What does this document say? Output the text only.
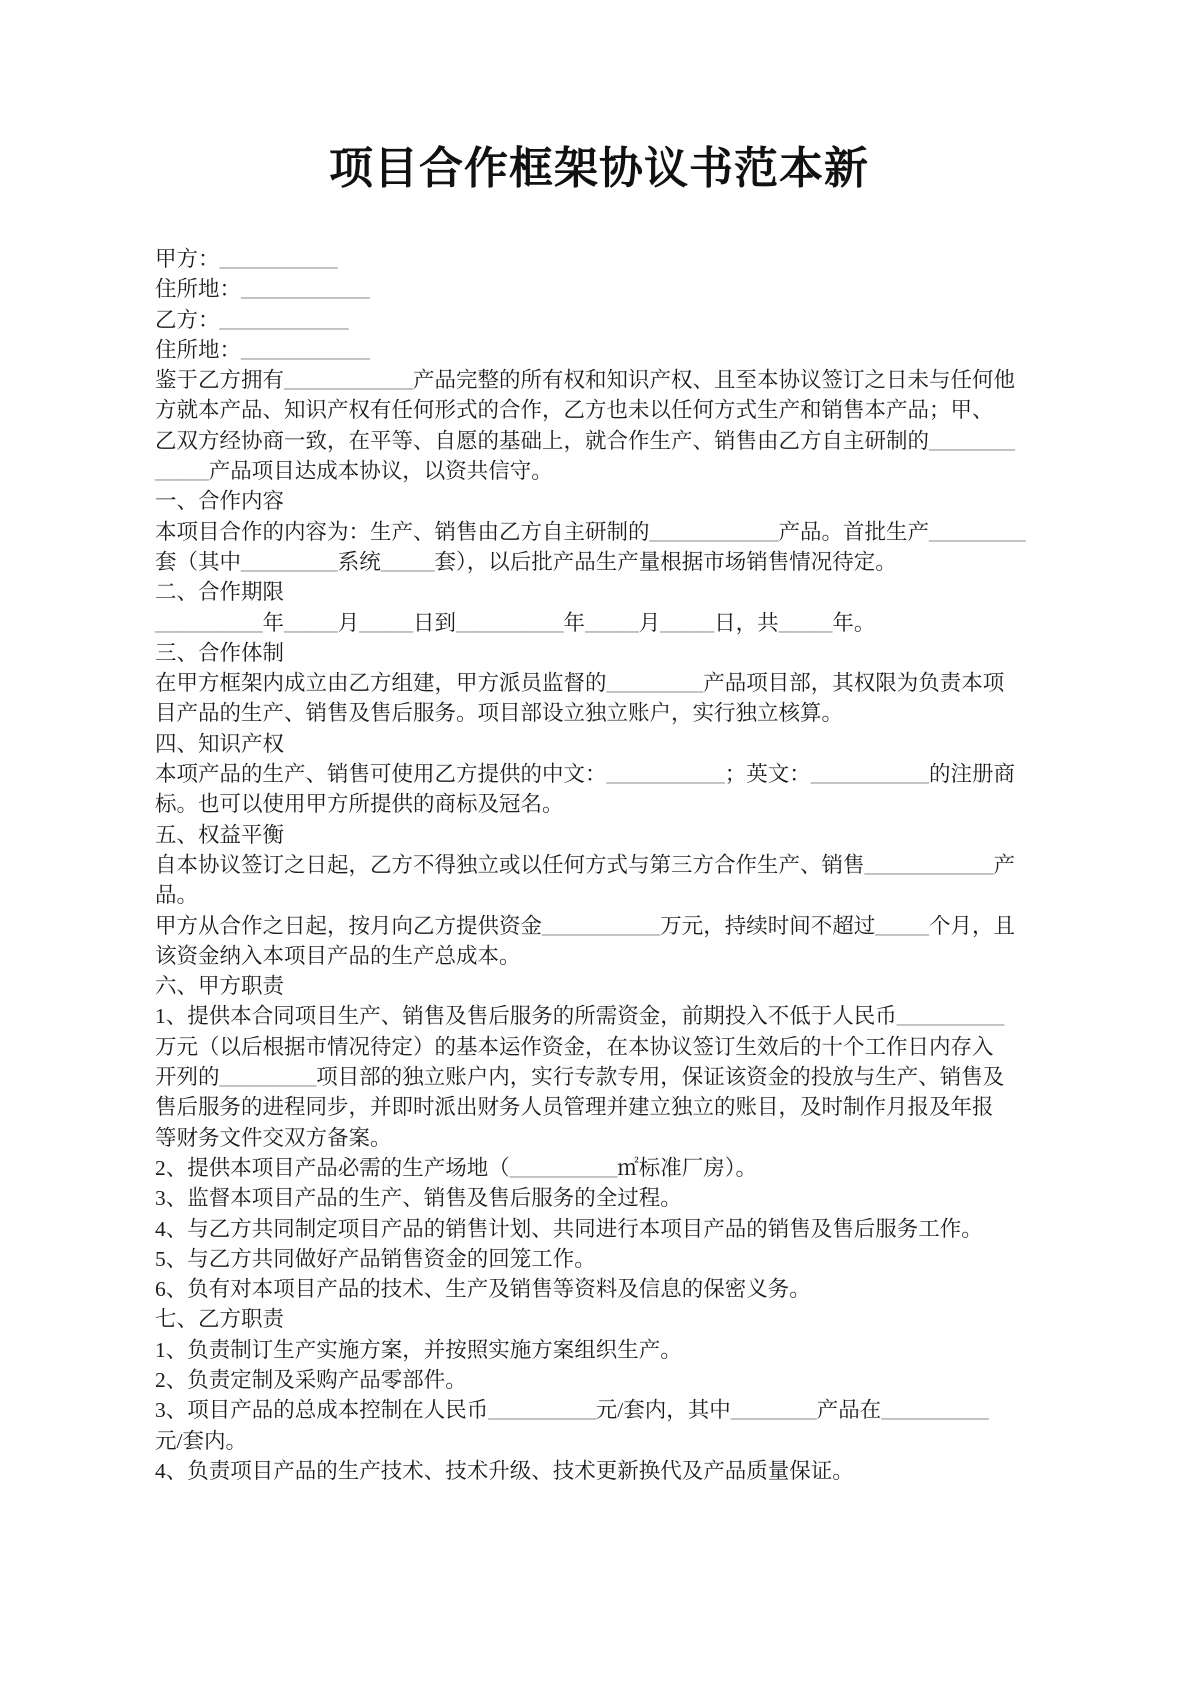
项目合作框架协议书范本新
甲方：___________
住所地：____________
乙方：____________
住所地：____________
鉴于乙方拥有____________产品完整的所有权和知识产权、且至本协议签订之日未与任何他
方就本产品、知识产权有任何形式的合作，乙方也未以任何方式生产和销售本产品；甲、
乙双方经协商一致，在平等、自愿的基础上，就合作生产、销售由乙方自主研制的________
_____产品项目达成本协议，以资共信守。
一、合作内容
本项目合作的内容为：生产、销售由乙方自主研制的____________产品。首批生产_________
套（其中_________系统_____套），以后批产品生产量根据市场销售情况待定。
二、合作期限
__________年_____月_____日到__________年_____月_____日，共_____年。
三、合作体制
在甲方框架内成立由乙方组建，甲方派员监督的_________产品项目部，其权限为负责本项
目产品的生产、销售及售后服务。项目部设立独立账户，实行独立核算。
四、知识产权
本项产品的生产、销售可使用乙方提供的中文：___________；英文：___________的注册商
标。也可以使用甲方所提供的商标及冠名。
五、权益平衡
自本协议签订之日起，乙方不得独立或以任何方式与第三方合作生产、销售____________产
品。
甲方从合作之日起，按月向乙方提供资金___________万元，持续时间不超过_____个月，且
该资金纳入本项目产品的生产总成本。
六、甲方职责
1、提供本合同项目生产、销售及售后服务的所需资金，前期投入不低于人民币__________
万元（以后根据市情况待定）的基本运作资金，在本协议签订生效后的十个工作日内存入
开列的_________项目部的独立账户内，实行专款专用，保证该资金的投放与生产、销售及
售后服务的进程同步，并即时派出财务人员管理并建立独立的账目，及时制作月报及年报
等财务文件交双方备案。
2、提供本项目产品必需的生产场地（__________㎡标准厂房）。
3、监督本项目产品的生产、销售及售后服务的全过程。
4、与乙方共同制定项目产品的销售计划、共同进行本项目产品的销售及售后服务工作。
5、与乙方共同做好产品销售资金的回笼工作。
6、负有对本项目产品的技术、生产及销售等资料及信息的保密义务。
七、乙方职责
1、负责制订生产实施方案，并按照实施方案组织生产。
2、负责定制及采购产品零部件。
3、项目产品的总成本控制在人民币__________元/套内，其中________产品在__________
元/套内。
4、负责项目产品的生产技术、技术升级、技术更新换代及产品质量保证。
